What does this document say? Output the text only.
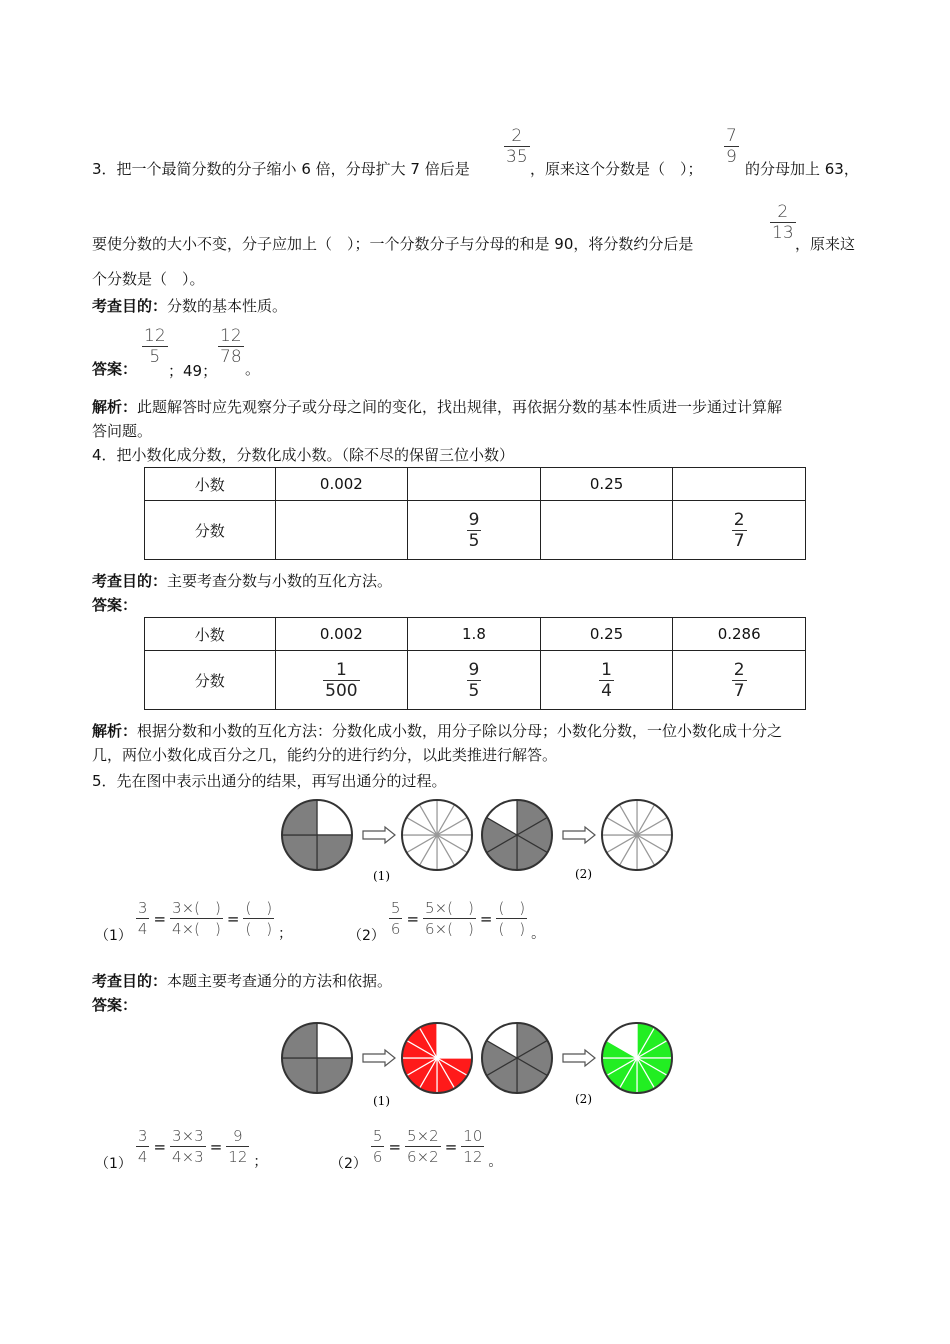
3．把一个最简分数的分子缩小 6 倍，分母扩大 7 倍后是
2
35
，原来这个分数是（　）；
7
9
的分母加上 63，
要使分数的大小不变，分子应加上（　）；一个分数分子与分母的和是 90，将分数约分后是
2
13
，原来这
个分数是（　）。
考查目的：分数的基本性质。
答案：
12
5
；49；
12
78
。
解析：此题解答时应先观察分子或分母之间的变化，找出规律，再依据分数的基本性质进一步通过计算解
答问题。
4．把小数化成分数，分数化成小数。（除不尽的保留三位小数）
小数	0.002		0.25	
分数		$\frac{9}{5}$		$\frac{2}{7}$
考查目的：主要考查分数与小数的互化方法。
答案：
小数	0.002	1.8	0.25	0.286
分数	$\frac{1}{500}$	$\frac{9}{5}$	$\frac{1}{4}$	$\frac{2}{7}$
解析：根据分数和小数的互化方法：分数化成小数，用分子除以分母；小数化分数，一位小数化成十分之
几，两位小数化成百分之几，能约分的进行约分，以此类推进行解答。
5．先在图中表示出通分的结果，再写出通分的过程。
(1)	(2)
$(1) \frac{3}{4} = \frac{3\times( )}{4\times( )} = \frac{( )}{( )}$ ；	$(2) \frac{5}{6} = \frac{5\times( )}{6\times( )} = \frac{( )}{( )}$ 。
考查目的：本题主要考查通分的方法和依据。
答案：
(1)	(2)
$(1) \frac{3}{4} = \frac{3\times 3}{4\times 3} = \frac{9}{12}$ ；	$(2) \frac{5}{6} = \frac{5\times 2}{6\times 2} = \frac{10}{12}$ 。
